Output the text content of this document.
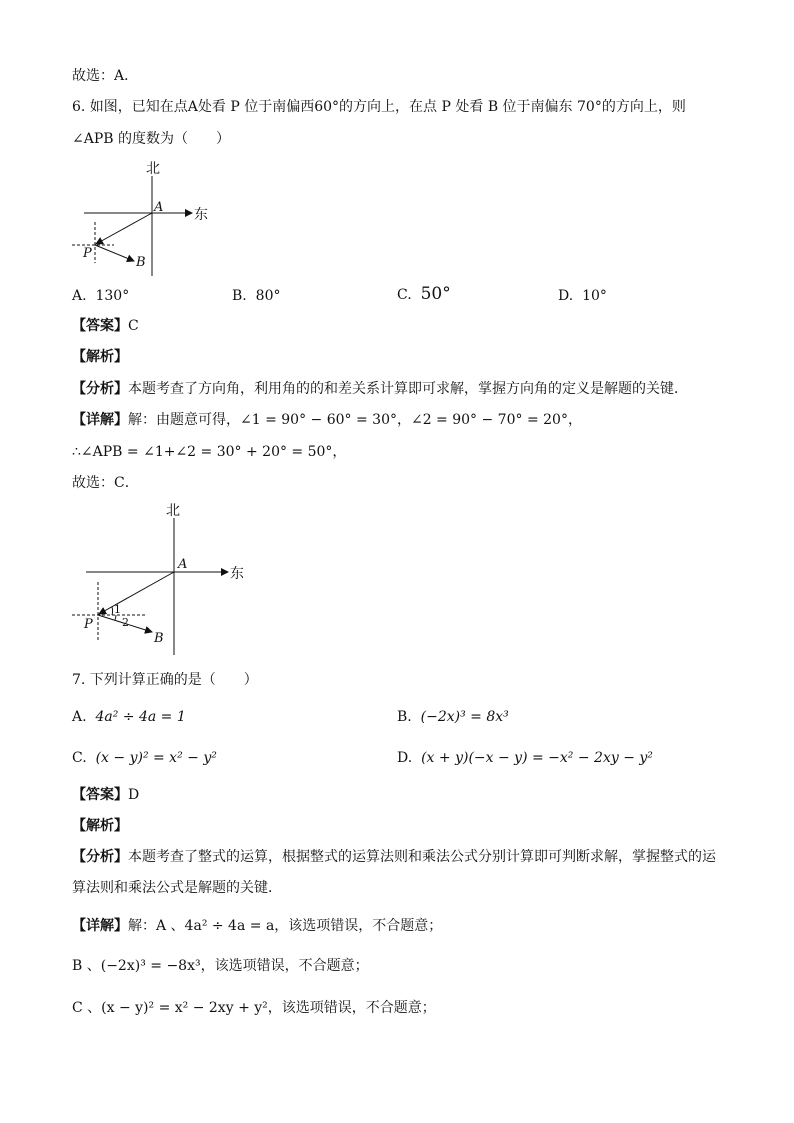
故选：A．
6. 如图，已知在点A处看 P 位于南偏西60°的方向上，在点 P 处看 B 位于南偏东 70°的方向上，则
∠APB 的度数为（　　）
北
东
A
P
B
A. 130°	B. 80°	C. 50°	D. 10°
【答案】C
【解析】
【分析】本题考查了方向角，利用角的的和差关系计算即可求解，掌握方向角的定义是解题的关键．
【详解】解：由题意可得，∠1 = 90° − 60° = 30°，∠2 = 90° − 70° = 20°，
∴∠APB = ∠1+∠2 = 30° + 20° = 50°，
故选：C．
北
东
A
P
B
1
2
7. 下列计算正确的是（　　）
A. 4a² ÷ 4a = 1	B. (−2x)³ = 8x³
C. (x − y)² = x² − y²	D. (x + y)(−x − y) = −x² − 2xy − y²
【答案】D
【解析】
【分析】本题考查了整式的运算，根据整式的运算法则和乘法公式分别计算即可判断求解，掌握整式的运
算法则和乘法公式是解题的关键．
【详解】解：A 、4a² ÷ 4a = a，该选项错误，不合题意；
B 、(−2x)³ = −8x³，该选项错误，不合题意；
C 、(x − y)² = x² − 2xy + y²，该选项错误，不合题意；
